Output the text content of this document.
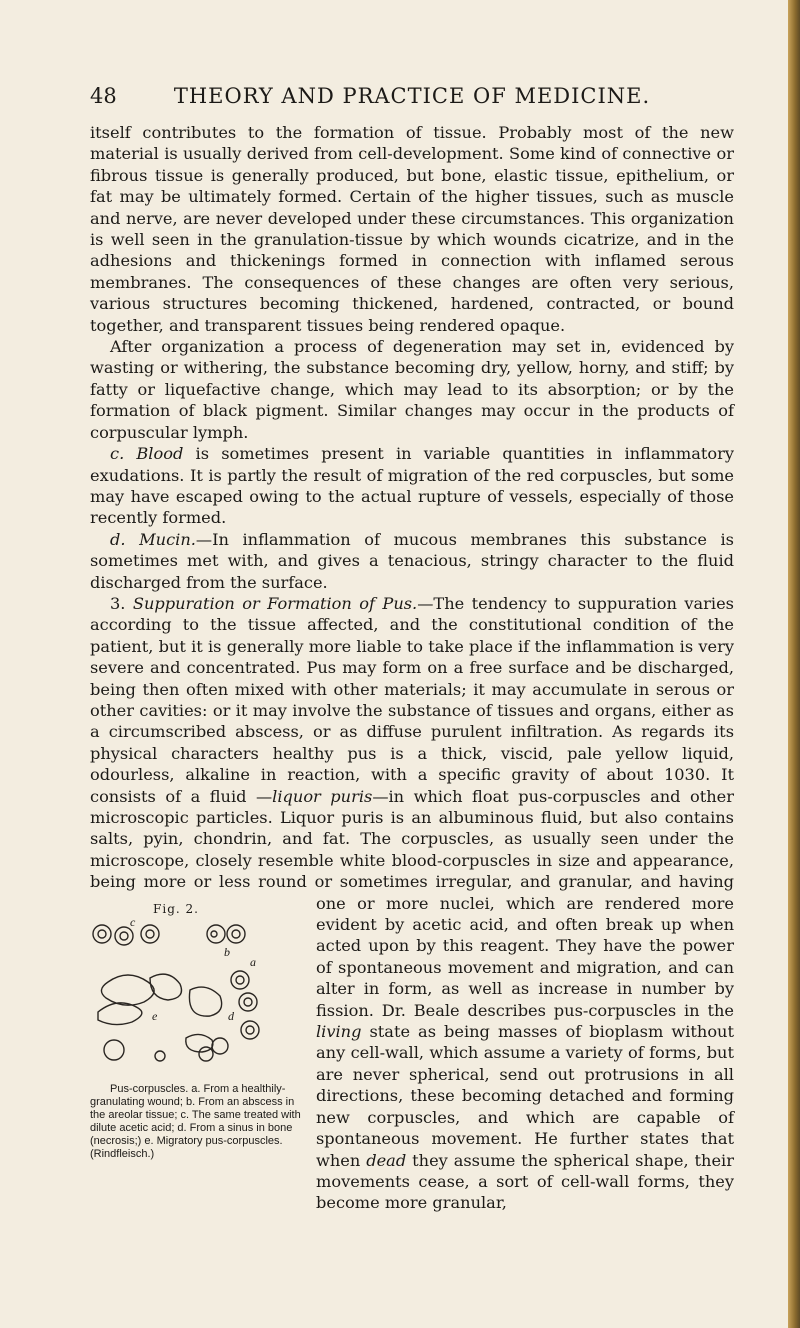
48	THEORY AND PRACTICE OF MEDICINE.

itself contributes to the formation of tissue. Probably most of the new material is usually derived from cell-development. Some kind of connective or fibrous tissue is generally produced, but bone, elastic tissue, epithelium, or fat may be ultimately formed. Certain of the higher tissues, such as muscle and nerve, are never developed under these circumstances. This organization is well seen in the granulation-tissue by which wounds cicatrize, and in the adhesions and thickenings formed in connection with inflamed serous membranes. The consequences of these changes are often very serious, various structures becoming thickened, hardened, contracted, or bound together, and transparent tissues being rendered opaque.

After organization a process of degeneration may set in, evidenced by wasting or withering, the substance becoming dry, yellow, horny, and stiff; by fatty or liquefactive change, which may lead to its absorption; or by the formation of black pigment. Similar changes may occur in the products of corpuscular lymph.

c. Blood is sometimes present in variable quantities in inflammatory exudations. It is partly the result of migration of the red corpuscles, but some may have escaped owing to the actual rupture of vessels, especially of those recently formed.

d. Mucin.—In inflammation of mucous membranes this substance is sometimes met with, and gives a tenacious, stringy character to the fluid discharged from the surface.

3. Suppuration or Formation of Pus.—The tendency to suppuration varies according to the tissue affected, and the constitutional condition of the patient, but it is generally more liable to take place if the inflammation is very severe and concentrated. Pus may form on a free surface and be discharged, being then often mixed with other materials; it may accumulate in serous or other cavities: or it may involve the substance of tissues and organs, either as a circumscribed abscess, or as diffuse purulent infiltration. As regards its physical characters healthy pus is a thick, viscid, pale yellow liquid, odourless, alkaline in reaction, with a specific gravity of about 1030. It consists of a fluid —liquor puris—in which float pus-corpuscles and other microscopic particles. Liquor puris is an albuminous fluid, but also contains salts, pyin, chondrin, and fat. The corpuscles, as usually seen under the microscope, closely resemble white blood-corpuscles in size and appearance, being more or less round or sometimes irregular, and granular,
Fig. 2.
c
b
a
e	d
Pus-corpuscles. a. From a healthily-granulating wound; b. From an abscess in the areolar tissue; c. The same treated with dilute acetic acid; d. From a sinus in bone (necrosis;) e. Migratory pus-corpuscles. (Rindfleisch.)
and having one or more nuclei, which are rendered more evident by acetic acid, and often break up when acted upon by this reagent. They have the power of spontaneous movement and migration, and can alter in form, as well as increase in number by fission. Dr. Beale describes pus-corpuscles in the living state as being masses of bioplasm without any cell-wall, which assume a variety of forms, but are never spherical, send out protrusions in all directions, these becoming detached and forming new corpuscles, and which are capable of spontaneous movement. He further states that when dead they assume the spherical shape, their movements cease, a sort of cell-wall forms, they become more granular,
